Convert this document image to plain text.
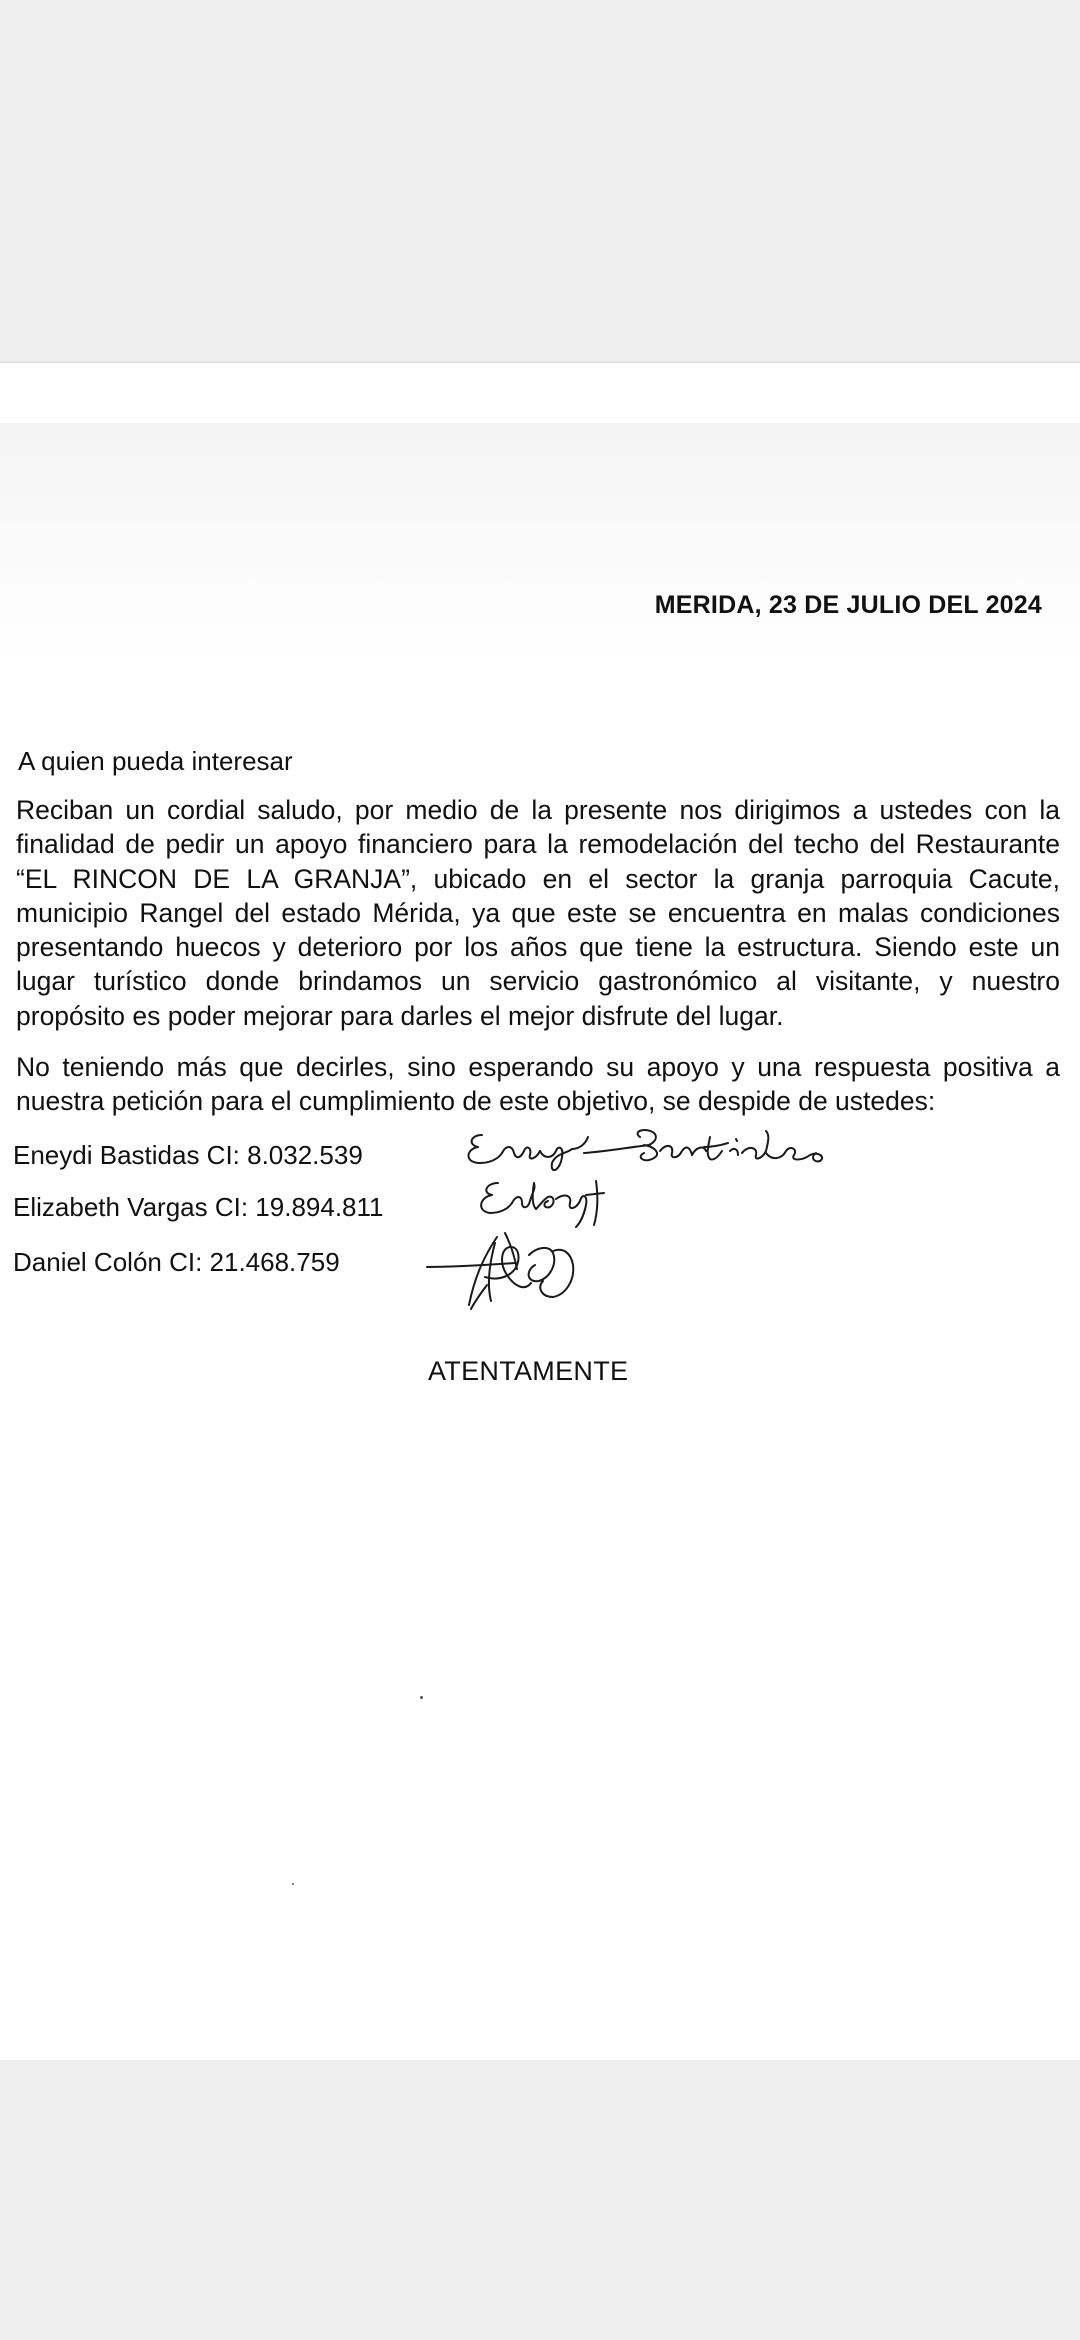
MERIDA, 23 DE JULIO DEL 2024
A quien pueda interesar
Reciban un cordial saludo, por medio de la presente nos dirigimos a ustedes con la finalidad de pedir un apoyo financiero para la remodelación del techo del Restaurante “EL RINCON DE LA GRANJA”, ubicado en el sector la granja parroquia Cacute, municipio Rangel del estado Mérida, ya que este se encuentra en malas condiciones presentando huecos y deterioro por los años que tiene la estructura. Siendo este un lugar turístico donde brindamos un servicio gastronómico al visitante, y nuestro propósito es poder mejorar para darles el mejor disfrute del lugar.
No teniendo más que decirles, sino esperando su apoyo y una respuesta positiva a nuestra petición para el cumplimiento de este objetivo, se despide de ustedes:
Eneydi Bastidas CI: 8.032.539
Elizabeth Vargas CI: 19.894.811
Daniel Colón CI: 21.468.759
ATENTAMENTE
